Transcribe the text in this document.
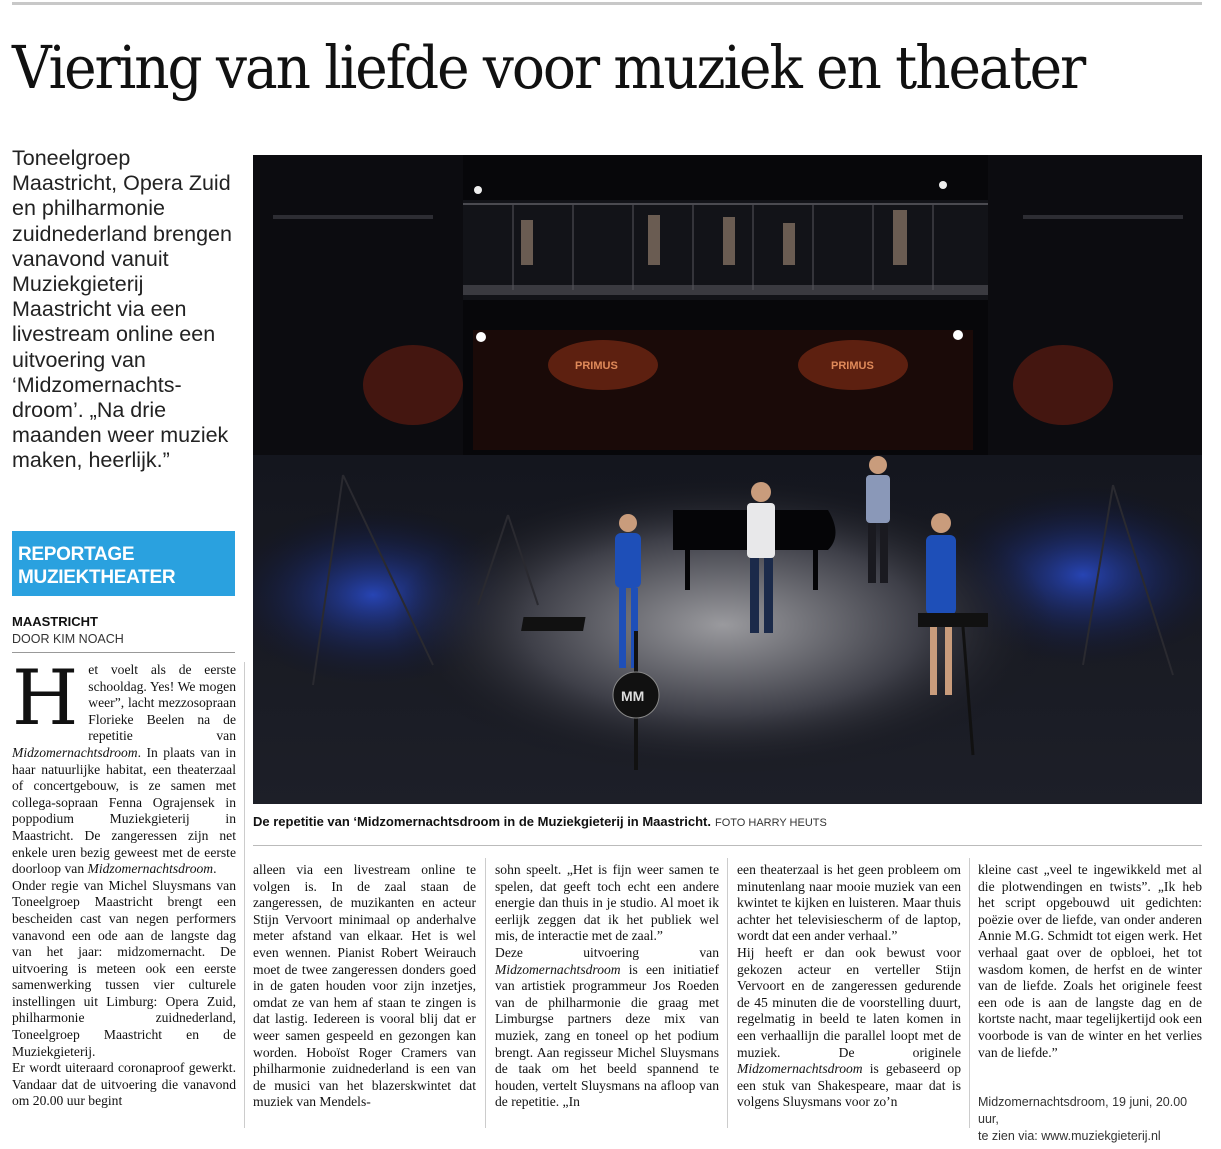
Viering van liefde voor muziek en theater

Toneelgroep Maastricht, Opera Zuid en philharmonie zuidnederland brengen vanavond vanuit Muziekgieterij Maastricht via een livestream online een uitvoering van ‘Midzomernachts-droom’. „Na drie maanden weer muziek maken, heerlijk.”

REPORTAGE
MUZIEKTHEATER
MAASTRICHT
DOOR KIM NOACH

Het voelt als de eerste schooldag. Yes! We mogen weer”, lacht mezzosopraan Floriekе Beelen na de repetitie van Midzomernachtsdroom. In plaats van in haar natuurlijke habitat, een theaterzaal of concertgebouw, is ze samen met collega-sopraan Fenna Ograjensek in poppodium Muziekgieterij in Maastricht. De zangeressen zijn net enkele uren bezig geweest met de eerste doorloop van Midzomernachtsdroom.

Onder regie van Michel Sluysmans van Toneelgroep Maastricht brengt een bescheiden cast van negen performers vanavond een ode aan de langste dag van het jaar: midzomernacht. De uitvoering is meteen ook een eerste samenwerking tussen vier culturele instellingen uit Limburg: Opera Zuid, philharmonie zuidnederland, Toneelgroep Maastricht en de Muziekgieterij.

Er wordt uiteraard coronaproof gewerkt. Vandaar dat de uitvoering die vanavond om 20.00 uur begint

PRIMUS	PRIMUS
MM
De repetitie van ‘Midzomernachtsdroom in de Muziekgieterij in Maastricht. FOTO HARRY HEUTS

alleen via een livestream online te volgen is. In de zaal staan de zangeressen, de muzikanten en acteur Stijn Vervoort minimaal op anderhalve meter afstand van elkaar. Het is wel even wennen. Pianist Robert Weirauch moet de twee zangeressen donders goed in de gaten houden voor zijn inzetjes, omdat ze van hem af staan te zingen is dat lastig. Iedereen is vooral blij dat er weer samen gespeeld en gezongen kan worden. Hoboïst Roger Cramers van philharmonie zuidnederland is een van de musici van het blazerskwintet dat muziek van Mendels-

sohn speelt. „Het is fijn weer samen te spelen, dat geeft toch echt een andere energie dan thuis in je studio. Al moet ik eerlijk zeggen dat ik het publiek wel mis, de interactie met de zaal.”

Deze uitvoering van Midzomernachtsdroom is een initiatief van artistiek programmeur Jos Roeden van de philharmonie die graag met Limburgse partners deze mix van muziek, zang en toneel op het podium brengt. Aan regisseur Michel Sluysmans de taak om het beeld spannend te houden, vertelt Sluysmans na afloop van de repetitie. „In

een theaterzaal is het geen probleem om minutenlang naar mooie muziek van een kwintet te kijken en luisteren. Maar thuis achter het televisiescherm of de laptop, wordt dat een ander verhaal.”

Hij heeft er dan ook bewust voor gekozen acteur en verteller Stijn Vervoort en de zangeressen gedurende de 45 minuten die de voorstelling duurt, regelmatig in beeld te laten komen in een verhaallijn die parallel loopt met de muziek. De originele Midzomernachtsdroom is gebaseerd op een stuk van Shakespeare, maar dat is volgens Sluysmans voor zo’n

kleine cast „veel te ingewikkeld met al die plotwendingen en twists”. „Ik heb het script opgebouwd uit gedichten: poëzie over de liefde, van onder anderen Annie M.G. Schmidt tot eigen werk. Het verhaal gaat over de opbloei, het tot wasdom komen, de herfst en de winter van de liefde. Zoals het originele feest een ode is aan de langste dag en de kortste nacht, maar tegelijkertijd ook een voorbode is van de winter en het verlies van de liefde.”

Midzomernachtsdroom, 19 juni, 20.00 uur,

te zien via: www.muziekgieterij.nl
